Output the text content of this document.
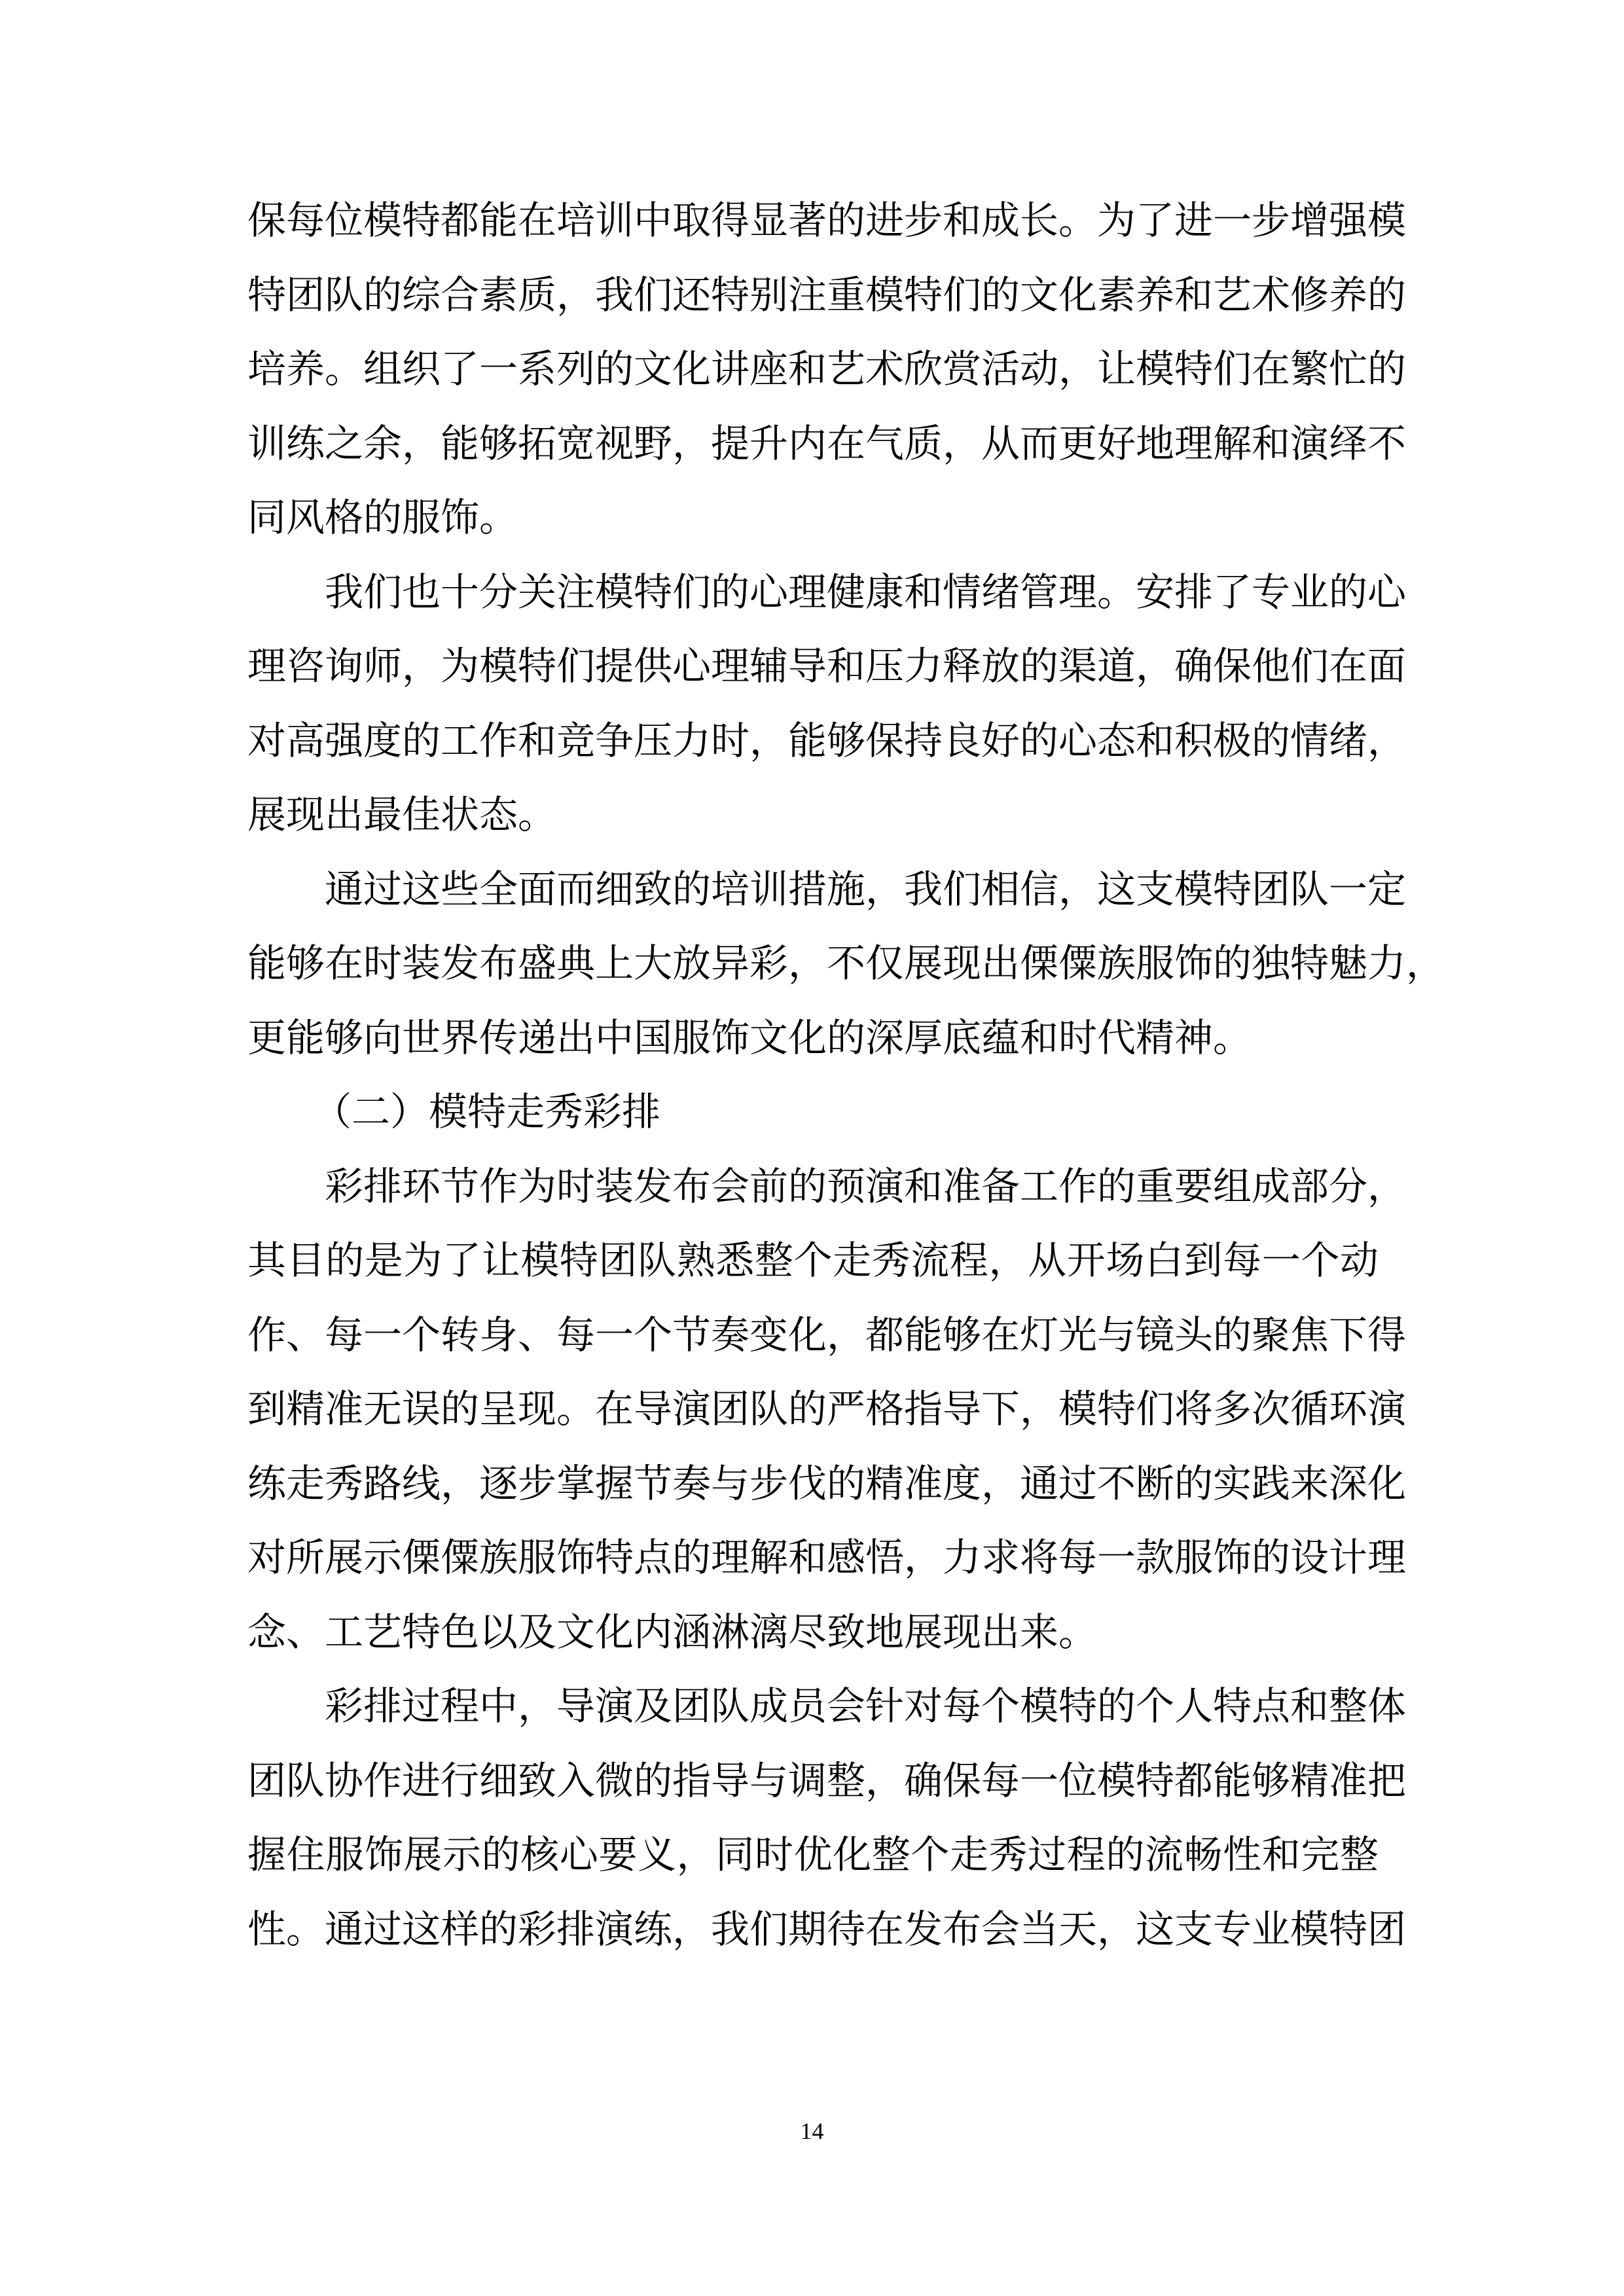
保每位模特都能在培训中取得显著的进步和成长。为了进一步增强模
特团队的综合素质，我们还特别注重模特们的文化素养和艺术修养的
培养。组织了一系列的文化讲座和艺术欣赏活动，让模特们在繁忙的
训练之余，能够拓宽视野，提升内在气质，从而更好地理解和演绎不
同风格的服饰。
我们也十分关注模特们的心理健康和情绪管理。安排了专业的心
理咨询师，为模特们提供心理辅导和压力释放的渠道，确保他们在面
对高强度的工作和竞争压力时，能够保持良好的心态和积极的情绪，
展现出最佳状态。
通过这些全面而细致的培训措施，我们相信，这支模特团队一定
能够在时装发布盛典上大放异彩，不仅展现出傈僳族服饰的独特魅力，
更能够向世界传递出中国服饰文化的深厚底蕴和时代精神。
（二）模特走秀彩排
彩排环节作为时装发布会前的预演和准备工作的重要组成部分，
其目的是为了让模特团队熟悉整个走秀流程，从开场白到每一个动
作、每一个转身、每一个节奏变化，都能够在灯光与镜头的聚焦下得
到精准无误的呈现。在导演团队的严格指导下，模特们将多次循环演
练走秀路线，逐步掌握节奏与步伐的精准度，通过不断的实践来深化
对所展示傈僳族服饰特点的理解和感悟，力求将每一款服饰的设计理
念、工艺特色以及文化内涵淋漓尽致地展现出来。
彩排过程中，导演及团队成员会针对每个模特的个人特点和整体
团队协作进行细致入微的指导与调整，确保每一位模特都能够精准把
握住服饰展示的核心要义，同时优化整个走秀过程的流畅性和完整
性。通过这样的彩排演练，我们期待在发布会当天，这支专业模特团
14
